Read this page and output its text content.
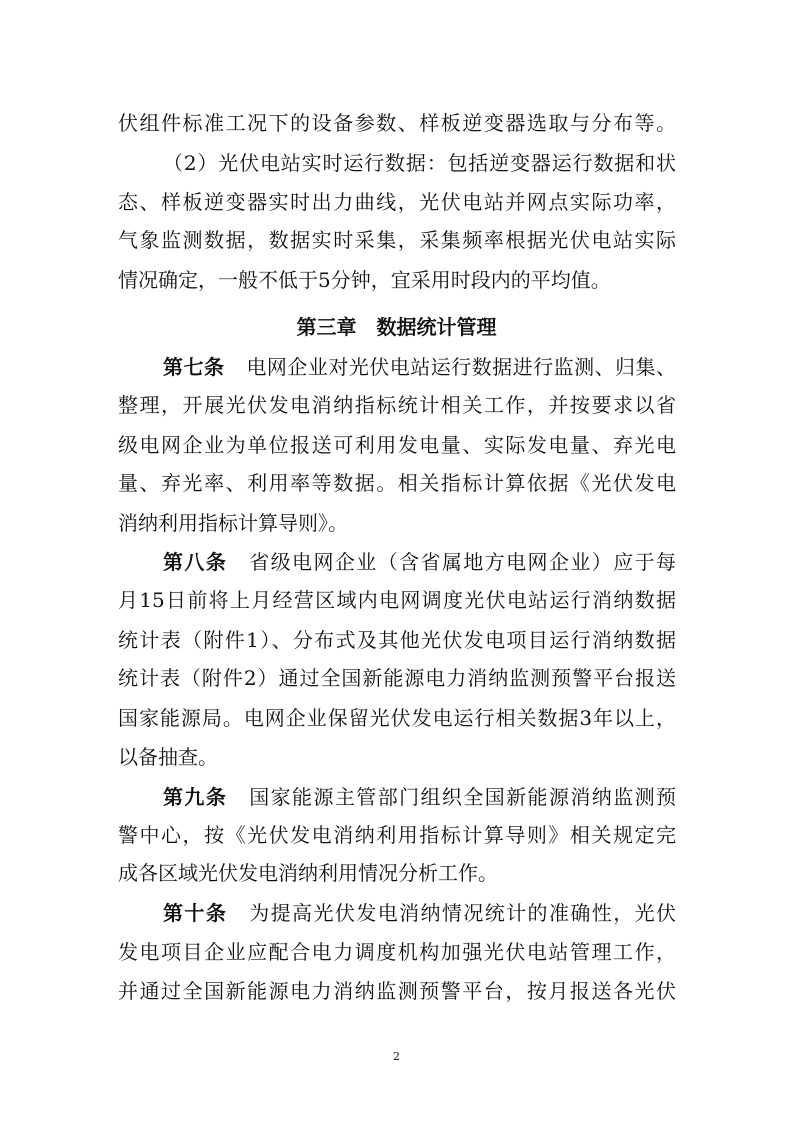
伏组件标准工况下的设备参数、样板逆变器选取与分布等。
（2）光伏电站实时运行数据：包括逆变器运行数据和状
态、样板逆变器实时出力曲线，光伏电站并网点实际功率，
气象监测数据，数据实时采集，采集频率根据光伏电站实际
情况确定，一般不低于5分钟，宜采用时段内的平均值。
第三章　数据统计管理
第七条 电网企业对光伏电站运行数据进行监测、归集、
整理，开展光伏发电消纳指标统计相关工作，并按要求以省
级电网企业为单位报送可利用发电量、实际发电量、弃光电
量、弃光率、利用率等数据。相关指标计算依据《光伏发电
消纳利用指标计算导则》。
第八条 省级电网企业（含省属地方电网企业）应于每
月15日前将上月经营区域内电网调度光伏电站运行消纳数据
统计表（附件1）、分布式及其他光伏发电项目运行消纳数据
统计表（附件2）通过全国新能源电力消纳监测预警平台报送
国家能源局。电网企业保留光伏发电运行相关数据3年以上，
以备抽查。
第九条 国家能源主管部门组织全国新能源消纳监测预
警中心，按《光伏发电消纳利用指标计算导则》相关规定完
成各区域光伏发电消纳利用情况分析工作。
第十条 为提高光伏发电消纳情况统计的准确性，光伏
发电项目企业应配合电力调度机构加强光伏电站管理工作，
并通过全国新能源电力消纳监测预警平台，按月报送各光伏
2
